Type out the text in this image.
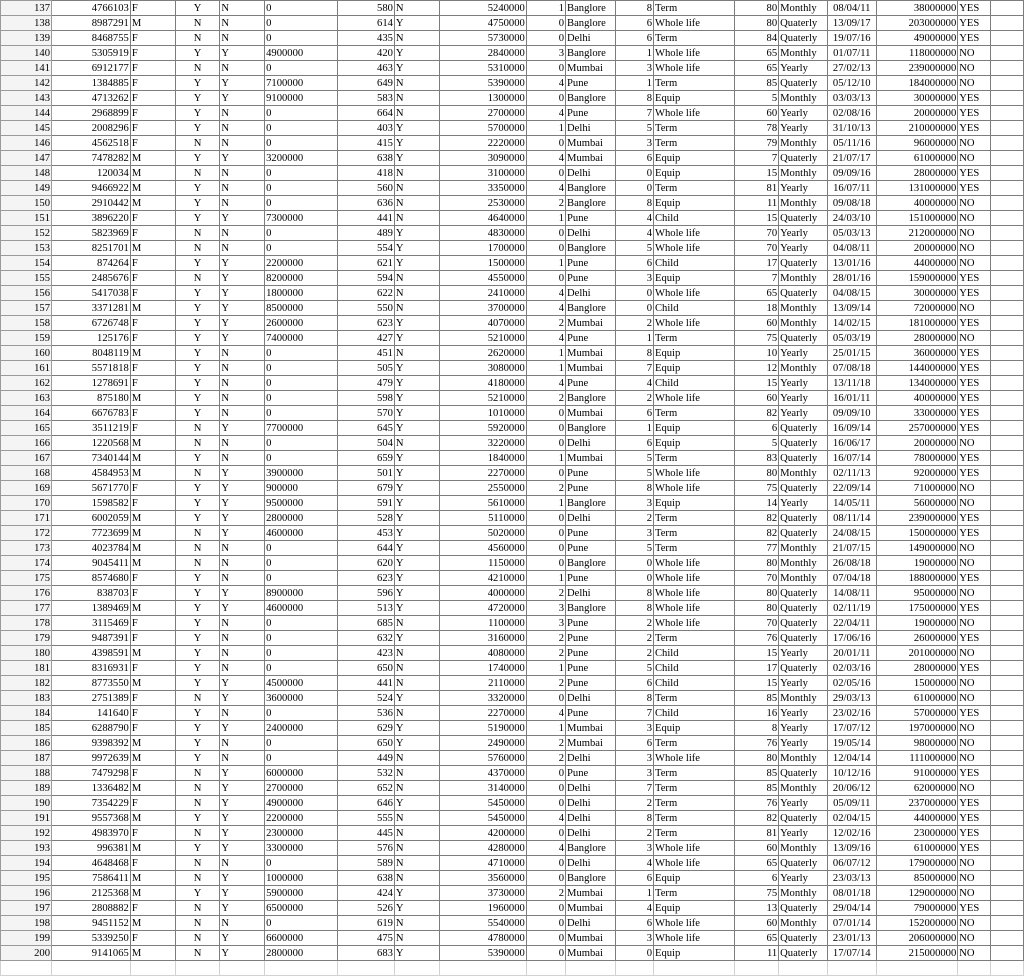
137	4766103	F	Y	N	0	580	N	5240000	1	Banglore	8	Term	80	Monthly	08/04/11	38000000	YES	
138	8987291	M	N	N	0	614	Y	4750000	0	Banglore	6	Whole life	80	Quaterly	13/09/17	203000000	YES	
139	8468755	F	N	N	0	435	N	5730000	0	Delhi	6	Term	84	Quaterly	19/07/16	49000000	YES	
140	5305919	F	Y	Y	4900000	420	Y	2840000	3	Banglore	1	Whole life	65	Monthly	01/07/11	118000000	NO	
141	6912177	F	N	N	0	463	Y	5310000	0	Mumbai	3	Whole life	65	Yearly	27/02/13	239000000	NO	
142	1384885	F	Y	Y	7100000	649	N	5390000	4	Pune	1	Term	85	Quaterly	05/12/10	184000000	NO	
143	4713262	F	Y	Y	9100000	583	N	1300000	0	Banglore	8	Equip	5	Monthly	03/03/13	30000000	YES	
144	2968899	F	Y	N	0	664	N	2700000	4	Pune	7	Whole life	60	Yearly	02/08/16	20000000	YES	
145	2008296	F	Y	N	0	403	Y	5700000	1	Delhi	5	Term	78	Yearly	31/10/13	210000000	YES	
146	4562518	F	N	N	0	415	Y	2220000	0	Mumbai	3	Term	79	Monthly	05/11/16	96000000	NO	
147	7478282	M	Y	Y	3200000	638	Y	3090000	4	Mumbai	6	Equip	7	Quaterly	21/07/17	61000000	NO	
148	120034	M	N	N	0	418	N	3100000	0	Delhi	0	Equip	15	Monthly	09/09/16	28000000	YES	
149	9466922	M	Y	N	0	560	N	3350000	4	Banglore	0	Term	81	Yearly	16/07/11	131000000	YES	
150	2910442	M	Y	N	0	636	N	2530000	2	Banglore	8	Equip	11	Monthly	09/08/18	40000000	NO	
151	3896220	F	Y	Y	7300000	441	N	4640000	1	Pune	4	Child	15	Quaterly	24/03/10	151000000	NO	
152	5823969	F	N	N	0	489	Y	4830000	0	Delhi	4	Whole life	70	Yearly	05/03/13	212000000	NO	
153	8251701	M	N	N	0	554	Y	1700000	0	Banglore	5	Whole life	70	Yearly	04/08/11	20000000	NO	
154	874264	F	Y	Y	2200000	621	Y	1500000	1	Pune	6	Child	17	Quaterly	13/01/16	44000000	NO	
155	2485676	F	N	Y	8200000	594	N	4550000	0	Pune	3	Equip	7	Monthly	28/01/16	159000000	YES	
156	5417038	F	Y	Y	1800000	622	N	2410000	4	Delhi	0	Whole life	65	Quaterly	04/08/15	30000000	YES	
157	3371281	M	Y	Y	8500000	550	N	3700000	4	Banglore	0	Child	18	Monthly	13/09/14	72000000	NO	
158	6726748	F	Y	Y	2600000	623	Y	4070000	2	Mumbai	2	Whole life	60	Monthly	14/02/15	181000000	YES	
159	125176	F	Y	Y	7400000	427	Y	5210000	4	Pune	1	Term	75	Quaterly	05/03/19	28000000	NO	
160	8048119	M	Y	N	0	451	N	2620000	1	Mumbai	8	Equip	10	Yearly	25/01/15	36000000	YES	
161	5571818	F	Y	N	0	505	Y	3080000	1	Mumbai	7	Equip	12	Monthly	07/08/18	144000000	YES	
162	1278691	F	Y	N	0	479	Y	4180000	4	Pune	4	Child	15	Yearly	13/11/18	134000000	YES	
163	875180	M	Y	N	0	598	Y	5210000	2	Banglore	2	Whole life	60	Yearly	16/01/11	40000000	YES	
164	6676783	F	Y	N	0	570	Y	1010000	0	Mumbai	6	Term	82	Yearly	09/09/10	33000000	YES	
165	3511219	F	N	Y	7700000	645	Y	5920000	0	Banglore	1	Equip	6	Quaterly	16/09/14	257000000	YES	
166	1220568	M	N	N	0	504	N	3220000	0	Delhi	6	Equip	5	Quaterly	16/06/17	20000000	NO	
167	7340144	M	Y	N	0	659	Y	1840000	1	Mumbai	5	Term	83	Quaterly	16/07/14	78000000	YES	
168	4584953	M	N	Y	3900000	501	Y	2270000	0	Pune	5	Whole life	80	Monthly	02/11/13	92000000	YES	
169	5671770	F	Y	Y	900000	679	Y	2550000	2	Pune	8	Whole life	75	Quaterly	22/09/14	71000000	NO	
170	1598582	F	Y	Y	9500000	591	Y	5610000	1	Banglore	3	Equip	14	Yearly	14/05/11	56000000	NO	
171	6002059	M	Y	Y	2800000	528	Y	5110000	0	Delhi	2	Term	82	Quaterly	08/11/14	239000000	YES	
172	7723699	M	N	Y	4600000	453	Y	5020000	0	Pune	3	Term	82	Quaterly	24/08/15	150000000	YES	
173	4023784	M	N	N	0	644	Y	4560000	0	Pune	5	Term	77	Monthly	21/07/15	149000000	NO	
174	9045411	M	N	N	0	620	Y	1150000	0	Banglore	0	Whole life	80	Monthly	26/08/18	19000000	NO	
175	8574680	F	Y	N	0	623	Y	4210000	1	Pune	0	Whole life	70	Monthly	07/04/18	188000000	YES	
176	838703	F	Y	Y	8900000	596	Y	4000000	2	Delhi	8	Whole life	80	Quaterly	14/08/11	95000000	NO	
177	1389469	M	Y	Y	4600000	513	Y	4720000	3	Banglore	8	Whole life	80	Quaterly	02/11/19	175000000	YES	
178	3115469	F	Y	N	0	685	N	1100000	3	Pune	2	Whole life	70	Quaterly	22/04/11	19000000	NO	
179	9487391	F	Y	N	0	632	Y	3160000	2	Pune	2	Term	76	Quaterly	17/06/16	26000000	YES	
180	4398591	M	Y	N	0	423	N	4080000	2	Pune	2	Child	15	Yearly	20/01/11	201000000	NO	
181	8316931	F	Y	N	0	650	N	1740000	1	Pune	5	Child	17	Quaterly	02/03/16	28000000	YES	
182	8773550	M	Y	Y	4500000	441	N	2110000	2	Pune	6	Child	15	Yearly	02/05/16	15000000	NO	
183	2751389	F	N	Y	3600000	524	Y	3320000	0	Delhi	8	Term	85	Monthly	29/03/13	61000000	NO	
184	141640	F	Y	N	0	536	N	2270000	4	Pune	7	Child	16	Yearly	23/02/16	57000000	YES	
185	6288790	F	Y	Y	2400000	629	Y	5190000	1	Mumbai	3	Equip	8	Yearly	17/07/12	197000000	NO	
186	9398392	M	Y	N	0	650	Y	2490000	2	Mumbai	6	Term	76	Yearly	19/05/14	98000000	NO	
187	9972639	M	Y	N	0	449	N	5760000	2	Delhi	3	Whole life	80	Monthly	12/04/14	111000000	NO	
188	7479298	F	N	Y	6000000	532	N	4370000	0	Pune	3	Term	85	Quaterly	10/12/16	91000000	YES	
189	1336482	M	N	Y	2700000	652	N	3140000	0	Delhi	7	Term	85	Monthly	20/06/12	62000000	NO	
190	7354229	F	N	Y	4900000	646	Y	5450000	0	Delhi	2	Term	76	Yearly	05/09/11	237000000	YES	
191	9557368	M	Y	Y	2200000	555	N	5450000	4	Delhi	8	Term	82	Quaterly	02/04/15	44000000	YES	
192	4983970	F	N	Y	2300000	445	N	4200000	0	Delhi	2	Term	81	Yearly	12/02/16	23000000	YES	
193	996381	M	Y	Y	3300000	576	N	4280000	4	Banglore	3	Whole life	60	Monthly	13/09/16	61000000	YES	
194	4648468	F	N	N	0	589	N	4710000	0	Delhi	4	Whole life	65	Quaterly	06/07/12	179000000	NO	
195	7586411	M	N	Y	1000000	638	N	3560000	0	Banglore	6	Equip	6	Yearly	23/03/13	85000000	NO	
196	2125368	M	Y	Y	5900000	424	Y	3730000	2	Mumbai	1	Term	75	Monthly	08/01/18	129000000	NO	
197	2808882	F	N	Y	6500000	526	Y	1960000	0	Mumbai	4	Equip	13	Quaterly	29/04/14	79000000	YES	
198	9451152	M	N	N	0	619	N	5540000	0	Delhi	6	Whole life	60	Monthly	07/01/14	152000000	NO	
199	5339250	F	N	Y	6600000	475	N	4780000	0	Mumbai	3	Whole life	65	Quaterly	23/01/13	206000000	NO	
200	9141065	M	N	Y	2800000	683	Y	5390000	0	Mumbai	0	Equip	11	Quaterly	17/07/14	215000000	NO	
